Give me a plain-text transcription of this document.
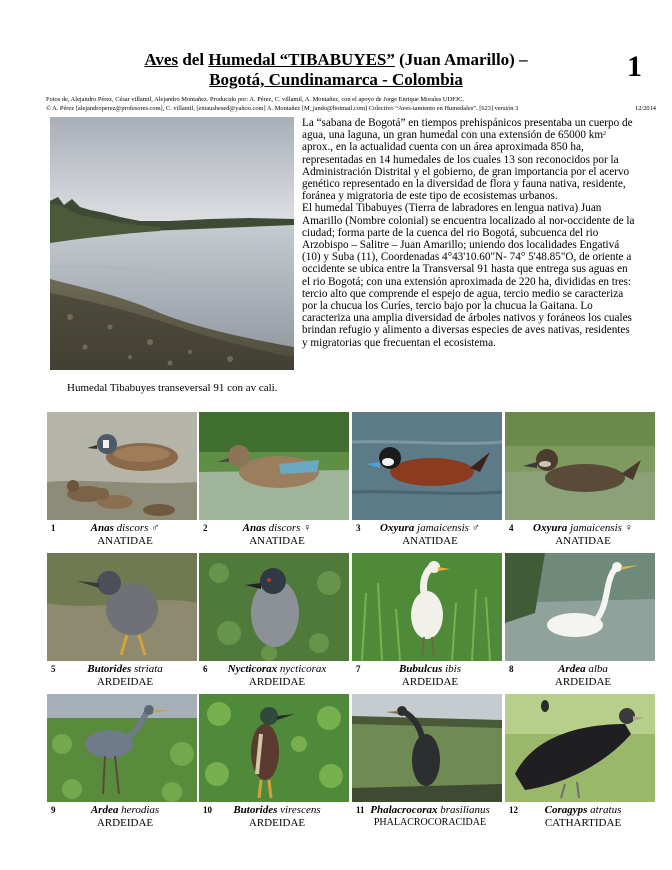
Aves del Humedal “TIBABUYES” (Juan Amarillo) –
Bogotá, Cundinamarca - Colombia	1
Fotos de, Alejandro Pérez, César villamil, Alejandro Montañez. Producido por: A. Pérez, C. villamil, A. Montañez, con el apoyo de Jorge Enrique Morales UDFJC.
© A. Pérez [alejandroperez@profesores.com], C. villamil, [emaushesed@yahoo.com] A. Montañez [M_jando@hotmail.com] Colectivo “Aves-tamiento en Humedales”. [623] versión 3	12/2014
Humedal Tibabuyes transeversal 91 con av cali.

La “sabana de Bogotá” en tiempos prehispánicos presentaba un cuerpo de agua, una laguna, un gran humedal con una extensión de 65000 $km^2$ aprox., en la actualidad cuenta con un área aproximada 850 ha, representadas en 14 humedales de los cuales 13 son reconocidos por la Administración Distrital y el gobierno, de gran importancia por el acervo genético representado en la diversidad de flora y fauna nativa, residente, foránea y migratoria de este tipo de ecosistemas urbanos.

El humedal Tibabuyes (Tierra de labradores en lengua nativa) Juan Amarillo (Nombre colonial) se encuentra localizado al nor-occidente de la ciudad; forma parte de la cuenca del rio Bogotá, subcuenca del rio Arzobispo – Salitre – Juan Amarillo; uniendo dos localidades Engativá (10) y Suba (11), Coordenadas 4°43'10.60"N- 74° 5'48.85"O, de oriente a occidente se ubica entre la Transversal 91 hasta que entrega sus aguas en el rio Bogotá; con una extensión aproximada de 220 ha, divididas en tres: tercio alto que comprende el espejo de agua, tercio medio se caracteriza por la chucua los Curíes, tercio bajo por la chucua la Gaitana. Lo caracteriza una amplia diversidad de árboles nativos y foráneos los cuales brindan refugio y alimento a diversas especies de aves nativas, residentes y migratorias que frecuentan el ecosistema.

1	Anas discors ♂
ANATIDAE
2	Anas discors ♀
ANATIDAE
3	Oxyura jamaicensis ♂
ANATIDAE
4	Oxyura jamaicensis ♀
ANATIDAE
5	Butorides striata
ARDEIDAE
6	Nycticorax nycticorax
ARDEIDAE
7	Bubulcus ibis
ARDEIDAE
8	Ardea alba
ARDEIDAE
9	Ardea herodias
ARDEIDAE
10	Butorides virescens
ARDEIDAE
11 Phalacrocorax brasilianus
PHALACROCORACIDAE
12	Coragyps atratus
CATHARTIDAE
